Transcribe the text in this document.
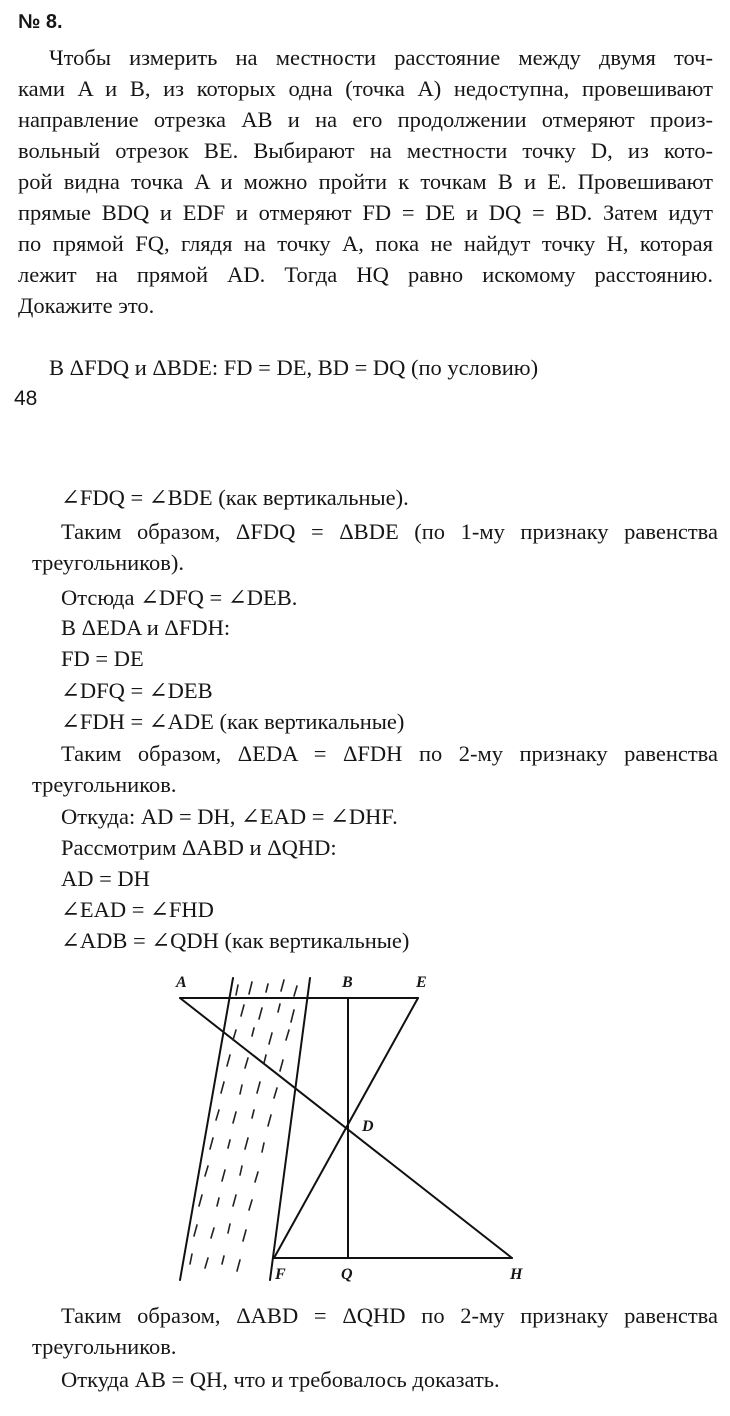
№ 8.
Чтобы измерить на местности расстояние между двумя точ-
ками A и B, из которых одна (точка A) недоступна, провешивают
направление отрезка AB и на его продолжении отмеряют произ-
вольный отрезок BE. Выбирают на местности точку D, из кото-
рой видна точка A и можно пройти к точкам B и E. Провешивают
прямые BDQ и EDF и отмеряют FD = DE и DQ = BD. Затем идут
по прямой FQ, глядя на точку A, пока не найдут точку H, которая
лежит на прямой AD. Тогда HQ равно искомому расстоянию.
Докажите это.
В ΔFDQ и ΔBDE: FD = DE, BD = DQ (по условию)
48
∠FDQ = ∠BDE (как вертикальные).
Таким образом, ΔFDQ = ΔBDE (по 1-му признаку равенства
треугольников).
Отсюда ∠DFQ = ∠DEB.
В ΔEDA и ΔFDH:
FD = DE
∠DFQ = ∠DEB
∠FDH = ∠ADE (как вертикальные)
Таким образом, ΔEDA = ΔFDH по 2-му признаку равенства
треугольников.
Откуда: AD = DH, ∠EAD = ∠DHF.
Рассмотрим ΔABD и ΔQHD:
AD = DH
∠EAD = ∠FHD
∠ADB = ∠QDH (как вертикальные)
A	B	E
D
F	Q	H
Таким образом, ΔABD = ΔQHD по 2-му признаку равенства
треугольников.
Откуда AB = QH, что и требовалось доказать.
